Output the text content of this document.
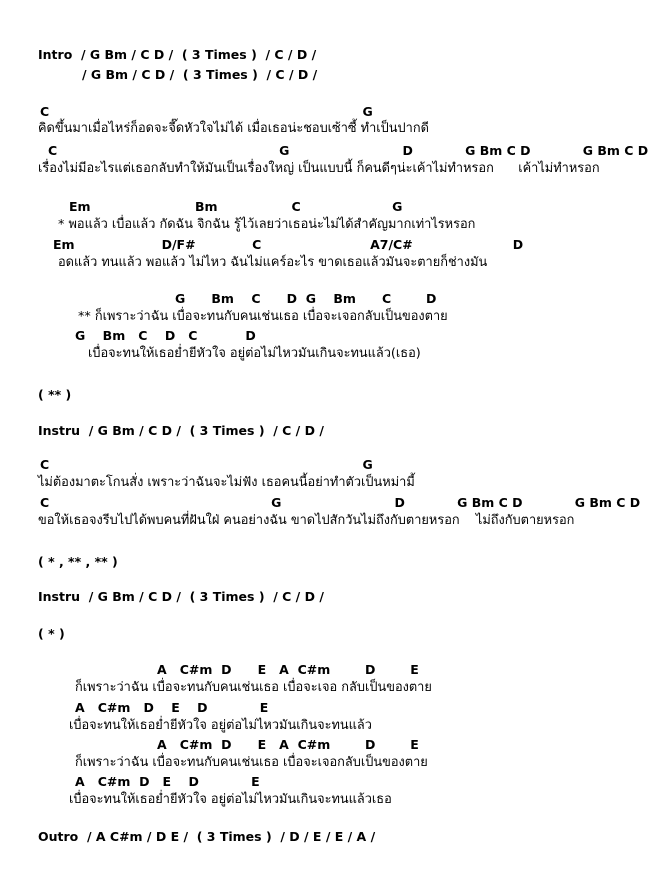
Intro  / G Bm / C D /  ( 3 Times )  / C / D /
/ G Bm / C D /  ( 3 Times )  / C / D /
C                                                                        G
คิดขึ้นมาเมื่อไหร่ก็อดจะจี๊ดหัวใจไม่ได้ เมื่อเธอน่ะชอบเซ้าซี้ ทำเป็นปากดี
C                                                   G                          D            G Bm C D            G Bm C D
เรื่องไม่มีอะไรแต่เธอกลับทำให้มันเป็นเรื่องใหญ่ เป็นแบบนี้ ก็คนดีๆน่ะเค้าไม่ทำหรอก      เค้าไม่ทำหรอก
Em                        Bm                 C                     G
* พอแล้ว เบื่อแล้ว กัดฉัน จิกฉัน รู้ไว้เลยว่าเธอน่ะไม่ได้สำคัญมากเท่าไรหรอก
Em                    D/F#             C                         A7/C#                       D
อดแล้ว ทนแล้ว พอแล้ว ไม่ไหว ฉันไม่แคร์อะไร ขาดเธอแล้วมันจะตายก็ช่างมัน
G      Bm    C      D  G    Bm      C        D
** ก็เพราะว่าฉัน เบื่อจะทนกับคนเช่นเธอ เบื่อจะเจอกลับเป็นของตาย
G    Bm   C    D   C           D
เบื่อจะทนให้เธอย่ำยีหัวใจ อยู่ต่อไม่ไหวมันเกินจะทนแล้ว(เธอ)
( ** )
Instru  / G Bm / C D /  ( 3 Times )  / C / D /
C                                                                        G
ไม่ต้องมาตะโกนสั่ง เพราะว่าฉันจะไม่ฟัง เธอคนนี้อย่าทำตัวเป็นหม่ามี้
C                                                   G                          D            G Bm C D            G Bm C D
ขอให้เธอจงรีบไปได้พบคนที่ฝันใฝ่ คนอย่างฉัน ขาดไปสักวันไม่ถึงกับตายหรอก    ไม่ถึงกับตายหรอก
( * , ** , ** )
Instru  / G Bm / C D /  ( 3 Times )  / C / D /
( * )
A   C#m  D      E   A  C#m        D        E
ก็เพราะว่าฉัน เบื่อจะทนกับคนเช่นเธอ เบื่อจะเจอ กลับเป็นของตาย
A   C#m   D    E    D            E
เบื่อจะทนให้เธอย่ำยีหัวใจ อยู่ต่อไม่ไหวมันเกินจะทนแล้ว
A   C#m  D      E   A  C#m        D        E
ก็เพราะว่าฉัน เบื่อจะทนกับคนเช่นเธอ เบื่อจะเจอกลับเป็นของตาย
A   C#m  D   E    D            E
เบื่อจะทนให้เธอย่ำยีหัวใจ อยู่ต่อไม่ไหวมันเกินจะทนแล้วเธอ
Outro  / A C#m / D E /  ( 3 Times )  / D / E / E / A /
